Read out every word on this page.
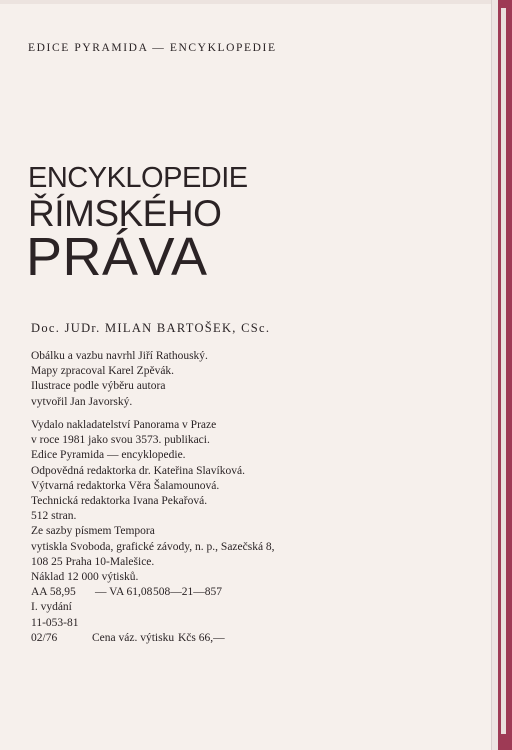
EDICE PYRAMIDA — ENCYKLOPEDIE
ENCYKLOPEDIE
ŘÍMSKÉHO
PRÁVA
Doc. JUDr. MILAN BARTOŠEK, CSc.
Obálku a vazbu navrhl Jiří Rathouský.
Mapy zpracoval Karel Zpěvák.
Ilustrace podle výběru autora
vytvořil Jan Javorský.
Vydalo nakladatelství Panorama v Praze
v roce 1981 jako svou 3573. publikaci.
Edice Pyramida — encyklopedie.
Odpovědná redaktorka dr. Kateřina Slavíková.
Výtvarná redaktorka Věra Šalamounová.
Technická redaktorka Ivana Pekařová.
512 stran.
Ze sazby písmem Tempora
vytiskla Svoboda, grafické závody, n. p., Sazečská 8,
108 25 Praha 10-Malešice.
Náklad 12 000 výtisků.
AA 58,95 — VA 61,08 508—21—857
I. vydání
11-053-81
02/76	Cena váz. výtisku Kčs 66,—
